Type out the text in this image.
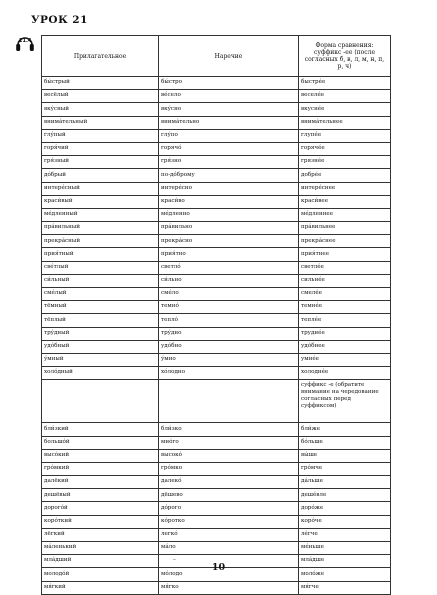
УРОК 21
21.4
Прилагательное	Наречие	Форма сравнения: суффикс -ее (после согласных б, в, л, м, н, п, р, ч)
бы́стрый	бы́стро	быстре́е
весёлый	ве́село	веселе́е
вку́сный	вку́сно	вкусне́е
внима́тельный	внима́тельно	внима́тельнее
глу́пый	глу́по	глупе́е
горя́чий	горячо́	горяче́е
гря́зный	гря́зно	грязне́е
до́брый	по-до́брому	добре́е
интере́сный	интере́сно	интере́снее
краси́вый	краси́во	краси́вее
ме́дленный	ме́дленно	ме́дленнее
пра́вильный	пра́вильно	пра́вильнее
прекра́сный	прекра́сно	прекра́снее
прия́тный	прия́тно	прия́тнее
све́тлый	светло́	светле́е
си́льный	си́льно	сильне́е
сме́лый	сме́ло	смеле́е
тёмный	темно́	темне́е
тёплый	тепло́	тепле́е
тру́дный	тру́дно	трудне́е
удо́бный	удо́бно	удо́бнее
у́мный	у́мно	умне́е
холо́дный	хо́лодно	холодне́е
		суффикс -е (обратите внимание на чередование согласных перед суффиксом)
бли́зкий	бли́зко	бли́же
большо́й	мно́го	бо́льше
высо́кий	высоко́	вы́ше
гро́мкий	гро́мко	гро́мче
далёкий	далеко́	да́льше
дешёвый	дёшево	деше́вле
дорого́й	до́рого	доро́же
коро́ткий	ко́ротко	коро́че
лёгкий	легко́	ле́гче
ма́ленький	ма́ло	ме́ньше
мла́дший	–	мла́дше
молодо́й	мо́лодо	моло́же
мя́гкий	мя́гко	мя́гче
10
